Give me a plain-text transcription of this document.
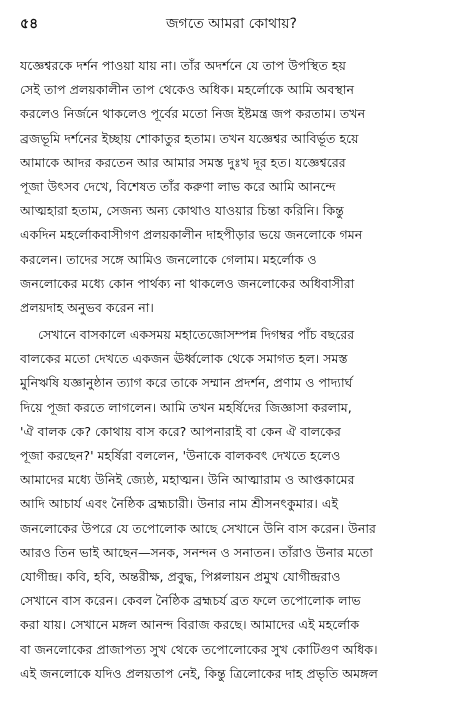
৫৪	জগতে আমরা কোথায়?
যজ্ঞেশ্বরকে দর্শন পাওয়া যায় না। তাঁর অদর্শনে যে তাপ উপস্থিত হয়
সেই তাপ প্রলয়কালীন তাপ থেকেও অধিক। মহর্লোকে আমি অবস্থান
করলেও নির্জনে থাকলেও পূর্বের মতো নিজ ইষ্টমন্ত্র জপ করতাম। তখন
ব্রজভূমি দর্শনের ইচ্ছায় শোকাতুর হতাম। তখন যজ্ঞেশ্বর আবির্ভূত হয়ে
আমাকে আদর করতেন আর আমার সমস্ত দুঃখ দূর হত। যজ্ঞেশ্বরের
পূজা উৎসব দেখে, বিশেষত তাঁর করুণা লাভ করে আমি আনন্দে
আত্মহারা হতাম, সেজন্য অন্য কোথাও যাওয়ার চিন্তা করিনি। কিন্তু
একদিন মহর্লোকবাসীগণ প্রলয়কালীন দাহপীড়ার ভয়ে জনলোকে গমন
করলেন। তাদের সঙ্গে আমিও জনলোকে গেলাম। মহর্লোক ও
জনলোকের মধ্যে কোন পার্থক্য না থাকলেও জনলোকের অধিবাসীরা
প্রলয়দাহ অনুভব করেন না।
সেখানে বাসকালে একসময় মহাতেজোসম্পন্ন দিগম্বর পাঁচ বছরের
বালকের মতো দেখতে একজন ঊর্ধ্বলোক থেকে সমাগত হল। সমস্ত
মুনিঋষি যজ্ঞানুষ্ঠান ত্যাগ করে তাকে সম্মান প্রদর্শন, প্রণাম ও পাদ্যার্ঘ
দিয়ে পূজা করতে লাগলেন। আমি তখন মহর্ষিদের জিজ্ঞাসা করলাম,
'ঐ বালক কে? কোথায় বাস করে? আপনারাই বা কেন ঐ বালকের
পূজা করছেন?' মহর্ষিরা বললেন, 'উনাকে বালকবৎ দেখতে হলেও
আমাদের মধ্যে উনিই জ্যেষ্ঠ, মহাত্মন। উনি আত্মারাম ও আপ্তকামের
আদি আচার্য এবং নৈষ্ঠিক ব্রহ্মচারী। উনার নাম শ্রীসনৎকুমার। এই
জনলোকের উপরে যে তপোলোক আছে সেখানে উনি বাস করেন। উনার
আরও তিন ভাই আছেন—সনক, সনন্দন ও সনাতন। তাঁরাও উনার মতো
যোগীন্দ্র। কবি, হবি, অন্তরীক্ষ, প্রবুদ্ধ, পিপ্পলায়ন প্রমুখ যোগীন্দ্ররাও
সেখানে বাস করেন। কেবল নৈষ্ঠিক ব্রহ্মচর্য ব্রত ফলে তপোলোক লাভ
করা যায়। সেখানে মঙ্গল আনন্দ বিরাজ করছে। আমাদের এই মহর্লোক
বা জনলোকের প্রাজাপত্য সুখ থেকে তপোলোকের সুখ কোটিগুণ অধিক।
এই জনলোকে যদিও প্রলয়তাপ নেই, কিন্তু ত্রিলোকের দাহ প্রভৃতি অমঙ্গল
